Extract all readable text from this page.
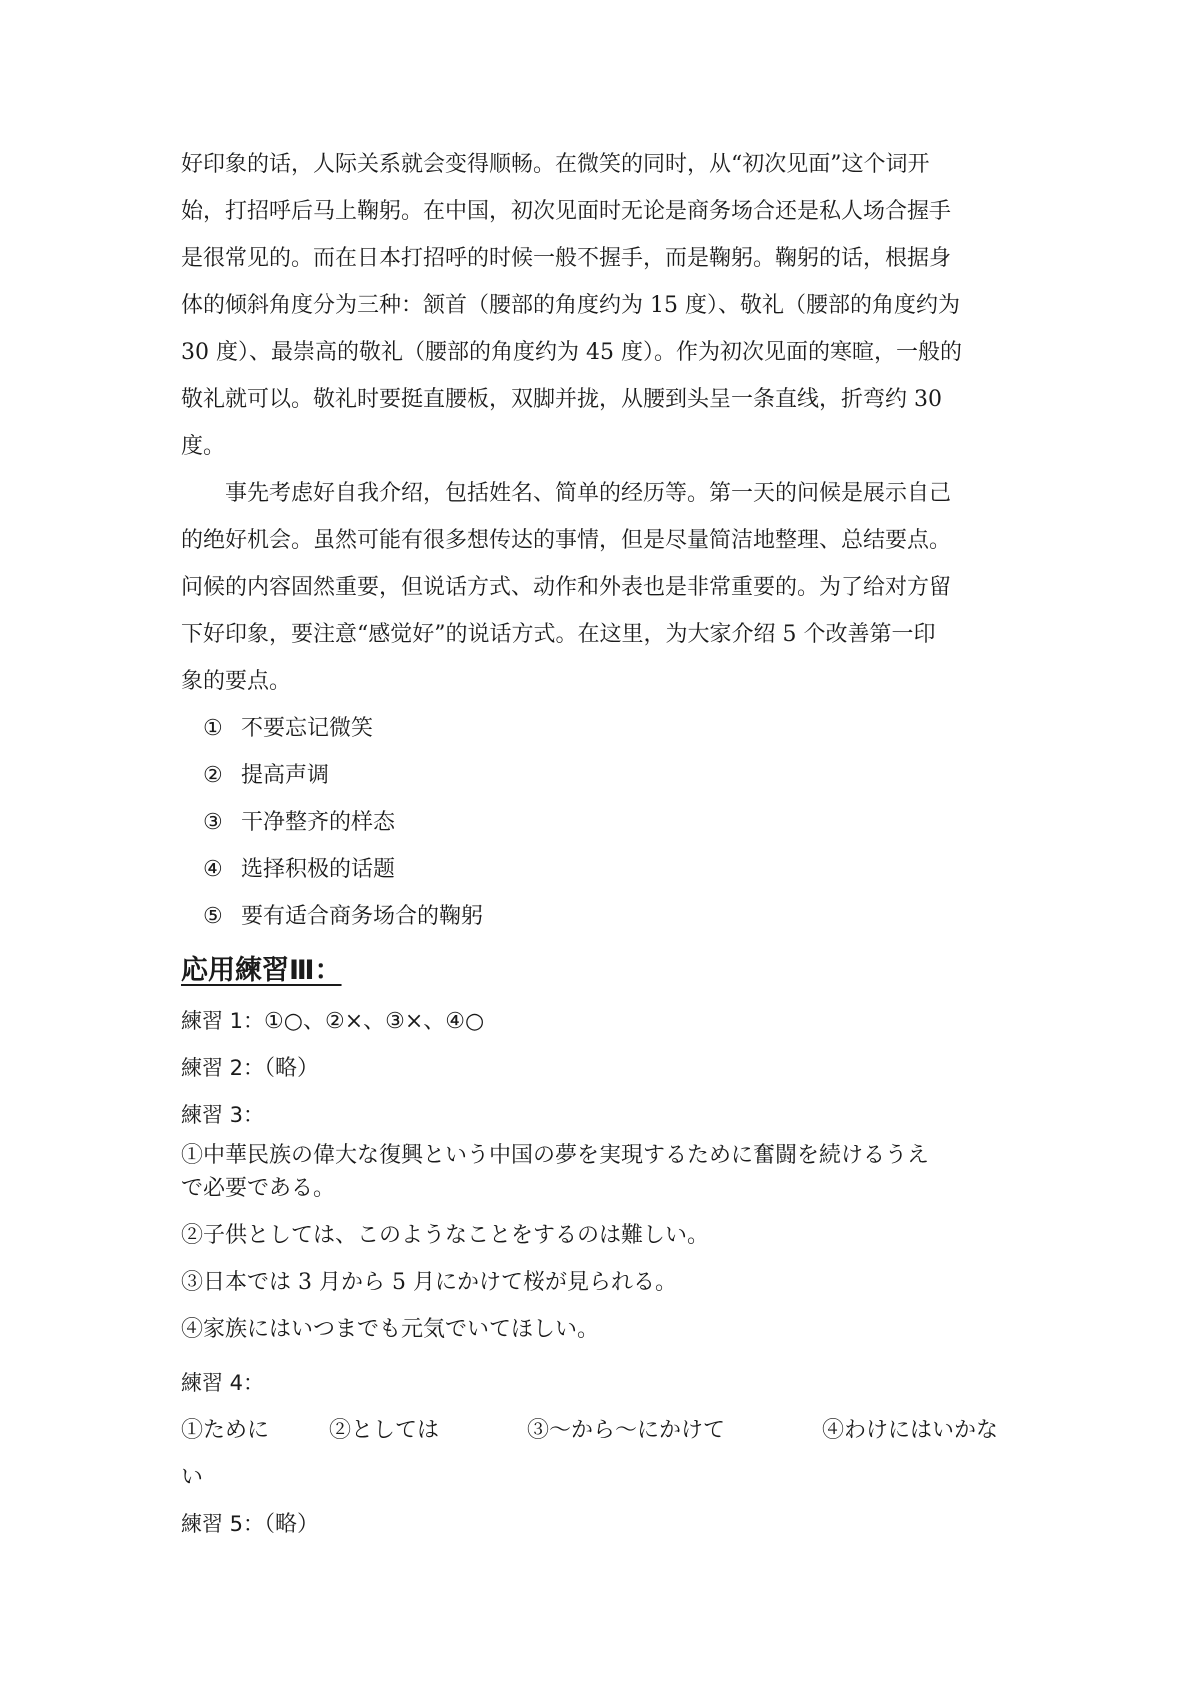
好印象的话，人际关系就会变得顺畅。在微笑的同时，从“初次见面”这个词开
始，打招呼后马上鞠躬。在中国，初次见面时无论是商务场合还是私人场合握手
是很常见的。而在日本打招呼的时候一般不握手，而是鞠躬。鞠躬的话，根据身
体的倾斜角度分为三种：颔首（腰部的角度约为 15 度）、敬礼（腰部的角度约为
30 度）、最崇高的敬礼（腰部的角度约为 45 度）。作为初次见面的寒暄，一般的
敬礼就可以。敬礼时要挺直腰板，双脚并拢，从腰到头呈一条直线，折弯约 30
度。

事先考虑好自我介绍，包括姓名、简单的经历等。第一天的问候是展示自己
的绝好机会。虽然可能有很多想传达的事情，但是尽量简洁地整理、总结要点。
问候的内容固然重要，但说话方式、动作和外表也是非常重要的。为了给对方留
下好印象，要注意“感觉好”的说话方式。在这里，为大家介绍 5 个改善第一印
象的要点。

① 不要忘记微笑
② 提高声调
③ 干净整齐的样态
④ 选择积极的话题
⑤ 要有适合商务场合的鞠躬
応用練習Ⅲ：

練習 1：①○、②×、③×、④○

練習 2：（略）

練習 3：

①中華民族の偉大な復興という中国の夢を実現するために奮闘を続けるうえ

で必要である。

②子供としては、このようなことをするのは難しい。

③日本では 3 月から 5 月にかけて桜が見られる。

④家族にはいつまでも元気でいてほしい。

練習 4：

①ために	②としては	③～から～にかけて	④わけにはいかな
い

練習 5：（略）
